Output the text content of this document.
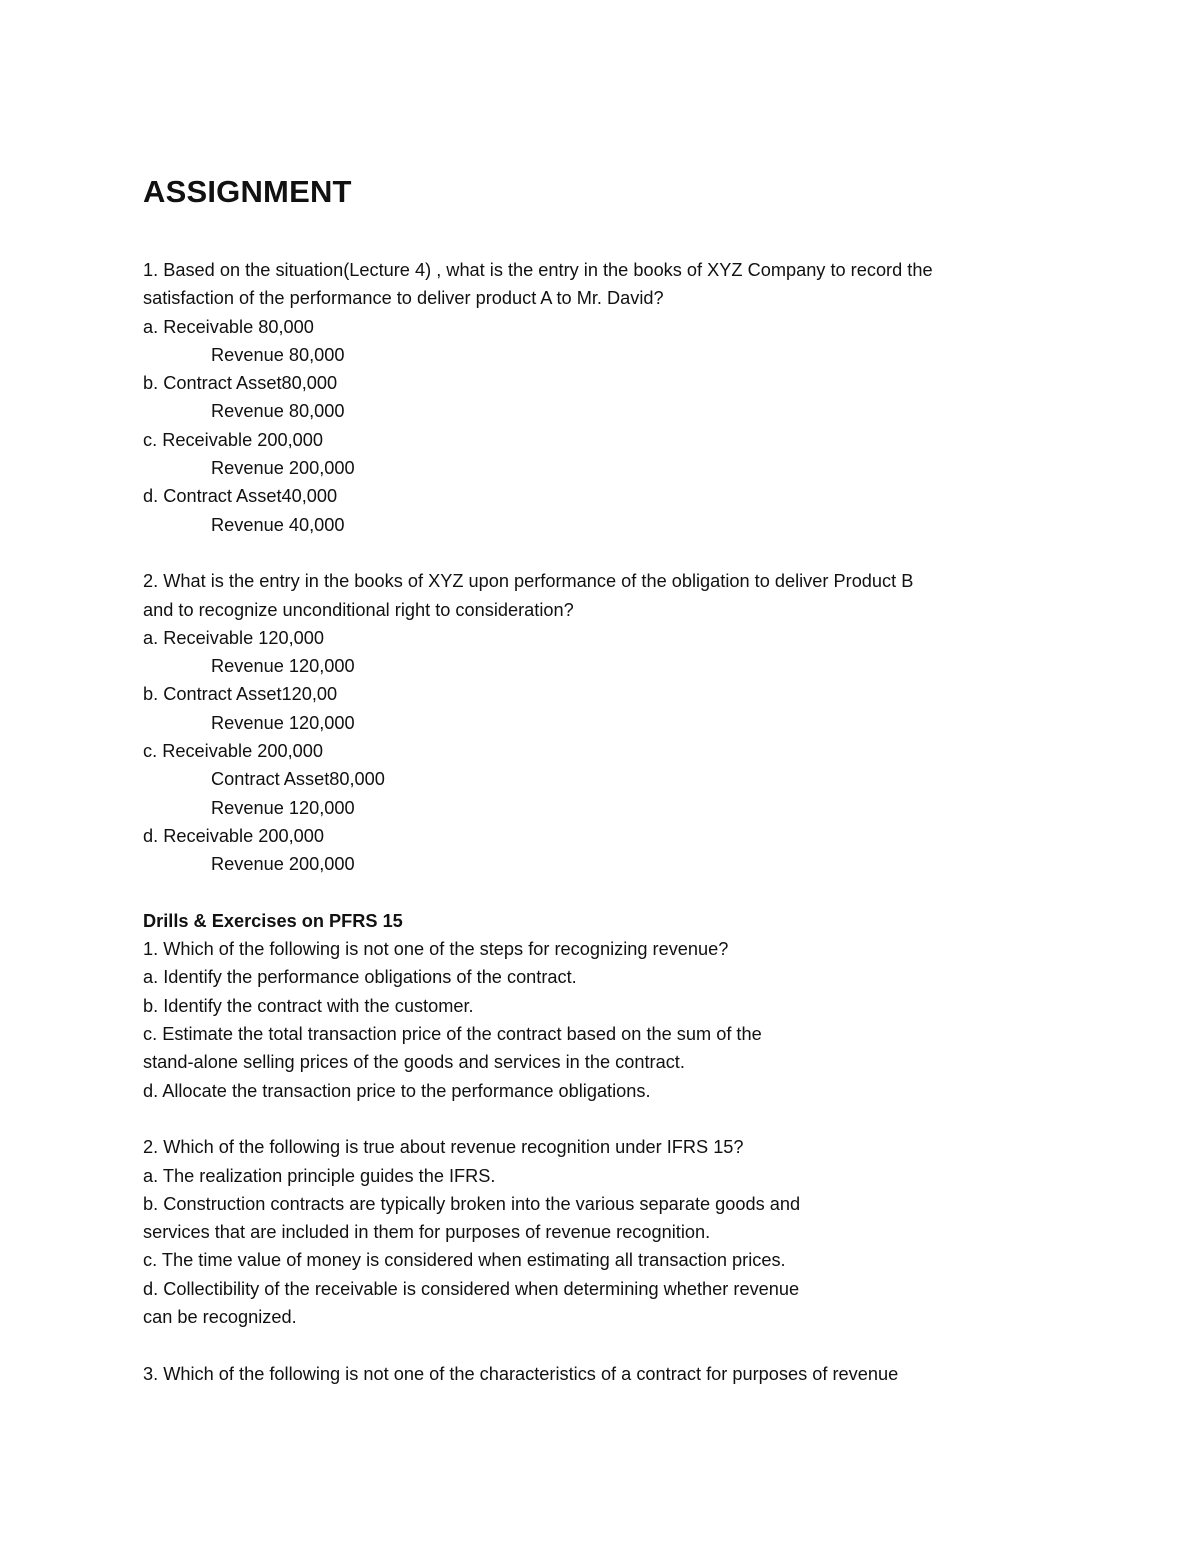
ASSIGNMENT
1. Based on the situation(Lecture 4) , what is the entry in the books of XYZ Company to record the
satisfaction of the performance to deliver product A to Mr. David?
a. Receivable 80,000
Revenue 80,000
b. Contract Asset80,000
Revenue 80,000
c. Receivable 200,000
Revenue 200,000
d. Contract Asset40,000
Revenue 40,000
2. What is the entry in the books of XYZ upon performance of the obligation to deliver Product B
and to recognize unconditional right to consideration?
a. Receivable 120,000
Revenue 120,000
b. Contract Asset120,00
Revenue 120,000
c. Receivable 200,000
Contract Asset80,000
Revenue 120,000
d. Receivable 200,000
Revenue 200,000
Drills & Exercises on PFRS 15
1. Which of the following is not one of the steps for recognizing revenue?
a. Identify the performance obligations of the contract.
b. Identify the contract with the customer.
c. Estimate the total transaction price of the contract based on the sum of the
stand-alone selling prices of the goods and services in the contract.
d. Allocate the transaction price to the performance obligations.
2. Which of the following is true about revenue recognition under IFRS 15?
a. The realization principle guides the IFRS.
b. Construction contracts are typically broken into the various separate goods and
services that are included in them for purposes of revenue recognition.
c. The time value of money is considered when estimating all transaction prices.
d. Collectibility of the receivable is considered when determining whether revenue
can be recognized.
3. Which of the following is not one of the characteristics of a contract for purposes of revenue
